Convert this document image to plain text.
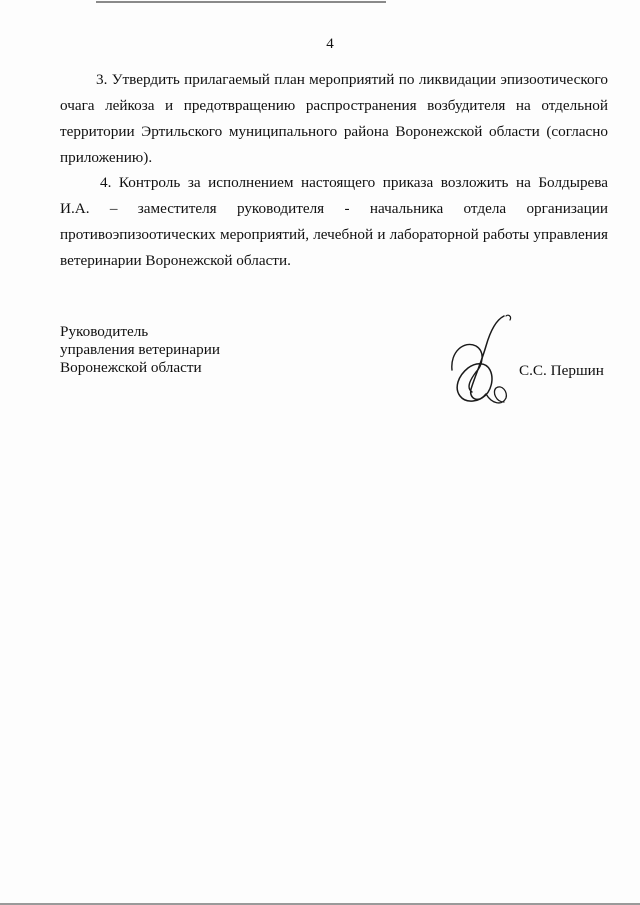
4

3. Утвердить прилагаемый план мероприятий по ликвидации эпизоотического очага лейкоза и предотвращению распространения возбудителя на отдельной территории Эртильского муниципального района Воронежской области (согласно приложению).

4. Контроль за исполнением настоящего приказа возложить на Болдырева И.А. – заместителя руководителя - начальника отдела организации противоэпизоотических мероприятий, лечебной и лабораторной работы управления ветеринарии Воронежской области.

Руководитель
управления ветеринарии
Воронежской области	С.С. Першин
